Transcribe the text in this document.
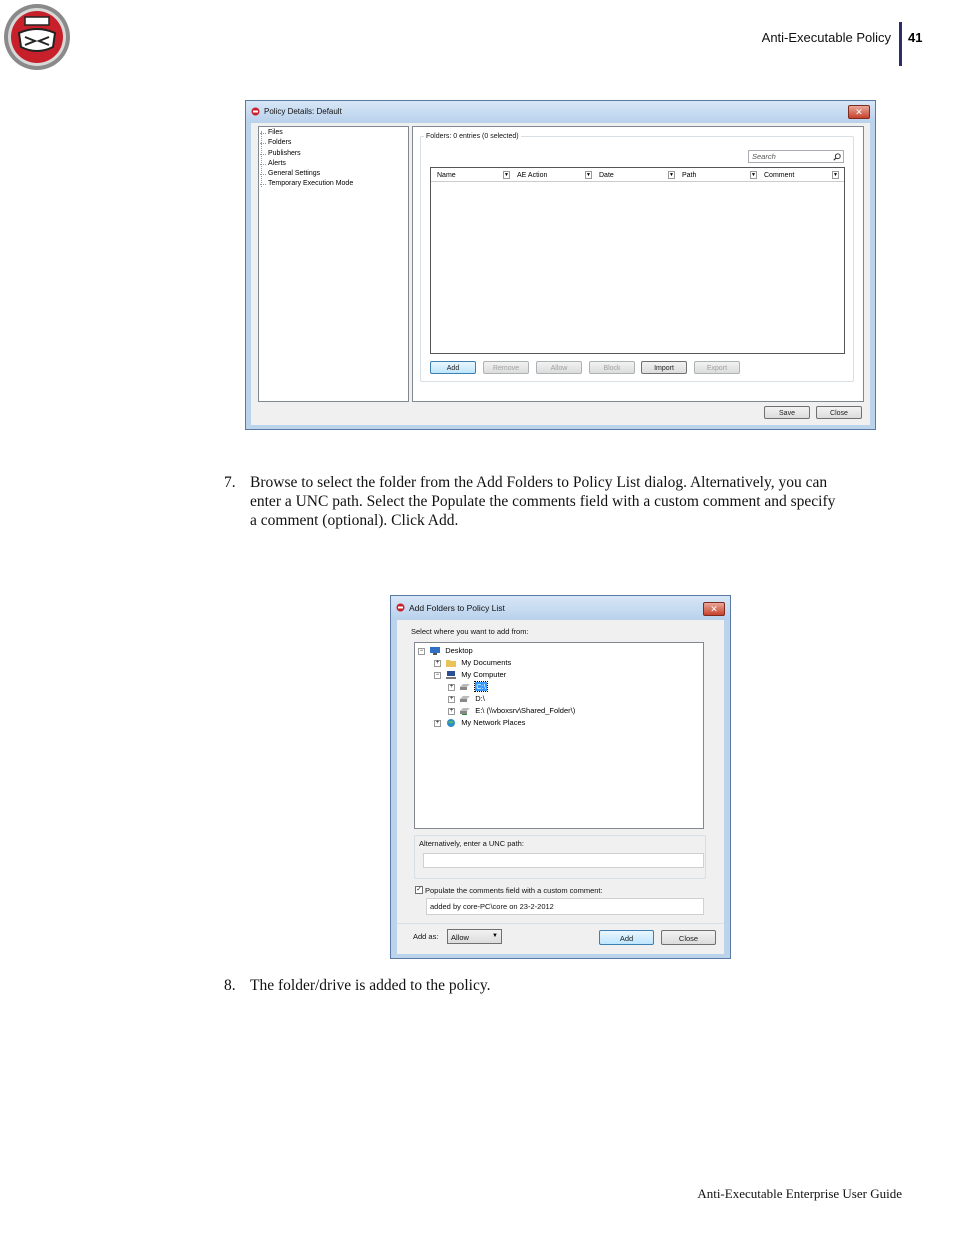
Anti-Executable Policy 41
Policy Details: Default	✕
Files
Folders
Publishers
Alerts
General Settings
Temporary Execution Mode
Folders: 0 entries (0 selected)
Search
Name	▼ AE Action	▼ Date	▼ Path	▼ Comment	▼
Add	Remove	Allow	Block	Import	Export
Save	Close
7. Browse to select the folder from the Add Folders to Policy List dialog. Alternatively, you can
enter a UNC path. Select the Populate the comments field with a custom comment and specify
a comment (optional). Click Add.
Add Folders to Policy List	✕
Select where you want to add from:
−	Desktop
+	My Documents
−	My Computer
+	C:\
+	D:\
+	E:\ (\\vboxsrv\Shared_Folder\)
+	My Network Places
Alternatively, enter a UNC path:
✓ Populate the comments field with a custom comment:
added by core-PC\core on 23-2-2012
Add as: Allow	▼	Add	Close
8. The folder/drive is added to the policy.
Anti-Executable Enterprise User Guide
